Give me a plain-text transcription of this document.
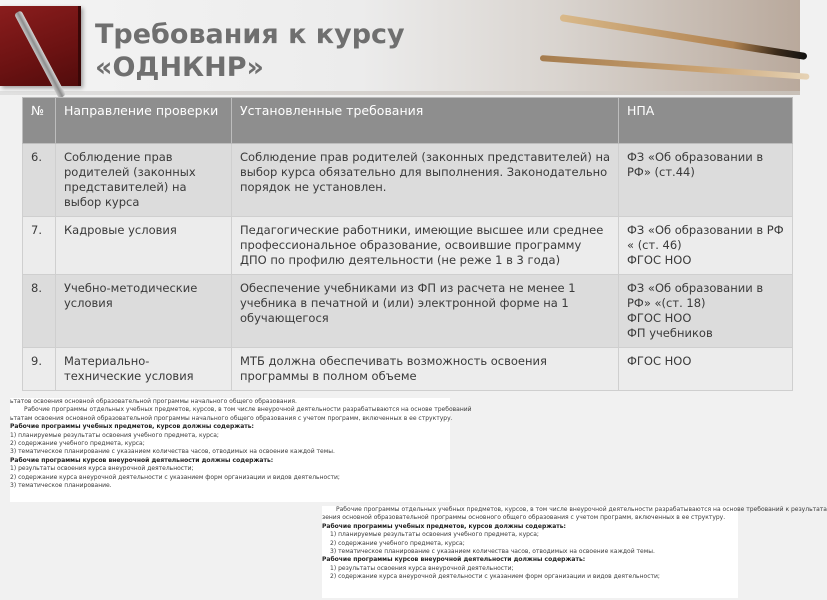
Требования к курсу
«ОДНКНР»
№	Направление проверки	Установленные требования	НПА
6.	Соблюдение прав родителей (законных представителей) на выбор курса	Соблюдение прав родителей (законных представителей) на выбор курса обязательно для выполнения. Законодательно порядок не установлен.	ФЗ «Об образовании в РФ» (ст.44)

7.	Кадровые условия	Педагогические работники, имеющие высшее или среднее профессиональное образование, освоившие программу ДПО по профилю деятельности (не реже 1 в 3 года)	ФЗ «Об образовании в РФ « (ст. 46)
ФГОС НОО

8.	Учебно-методические условия	Обеспечение учебниками из ФП из расчета не менее 1 учебника в печатной и (или) электронной форме на 1 обучающегося	ФЗ «Об образовании в РФ» «(ст. 18)
ФГОС НОО
ФП учебников

9.	Материально-технические условия	МТБ должна обеспечивать возможность освоения программы в полном объеме	ФГОС НОО
ьтатов освоения основной образовательной программы начального общего образования.
Рабочие программы отдельных учебных предметов, курсов, в том числе внеурочной деятельности разрабатываются на основе требований
ьтатам освоения основной образовательной программы начального общего образования с учетом программ, включенных в ее структуру.
Рабочие программы учебных предметов, курсов должны содержать:
1) планируемые результаты освоения учебного предмета, курса;
2) содержание учебного предмета, курса;
3) тематическое планирование с указанием количества часов, отводимых на освоение каждой темы.
Рабочие программы курсов внеурочной деятельности должны содержать:
1) результаты освоения курса внеурочной деятельности;
2) содержание курса внеурочной деятельности с указанием форм организации и видов деятельности;
3) тематическое планирование.
Рабочие программы отдельных учебных предметов, курсов, в том числе внеурочной деятельности разрабатываются на основе требований к результата
зения основной образовательной программы основного общего образования с учетом программ, включенных в ее структуру.
Рабочие программы учебных предметов, курсов должны содержать:
1) планируемые результаты освоения учебного предмета, курса;
2) содержание учебного предмета, курса;
3) тематическое планирование с указанием количества часов, отводимых на освоение каждой темы.
Рабочие программы курсов внеурочной деятельности должны содержать:
1) результаты освоения курса внеурочной деятельности;
2) содержание курса внеурочной деятельности с указанием форм организации и видов деятельности;
